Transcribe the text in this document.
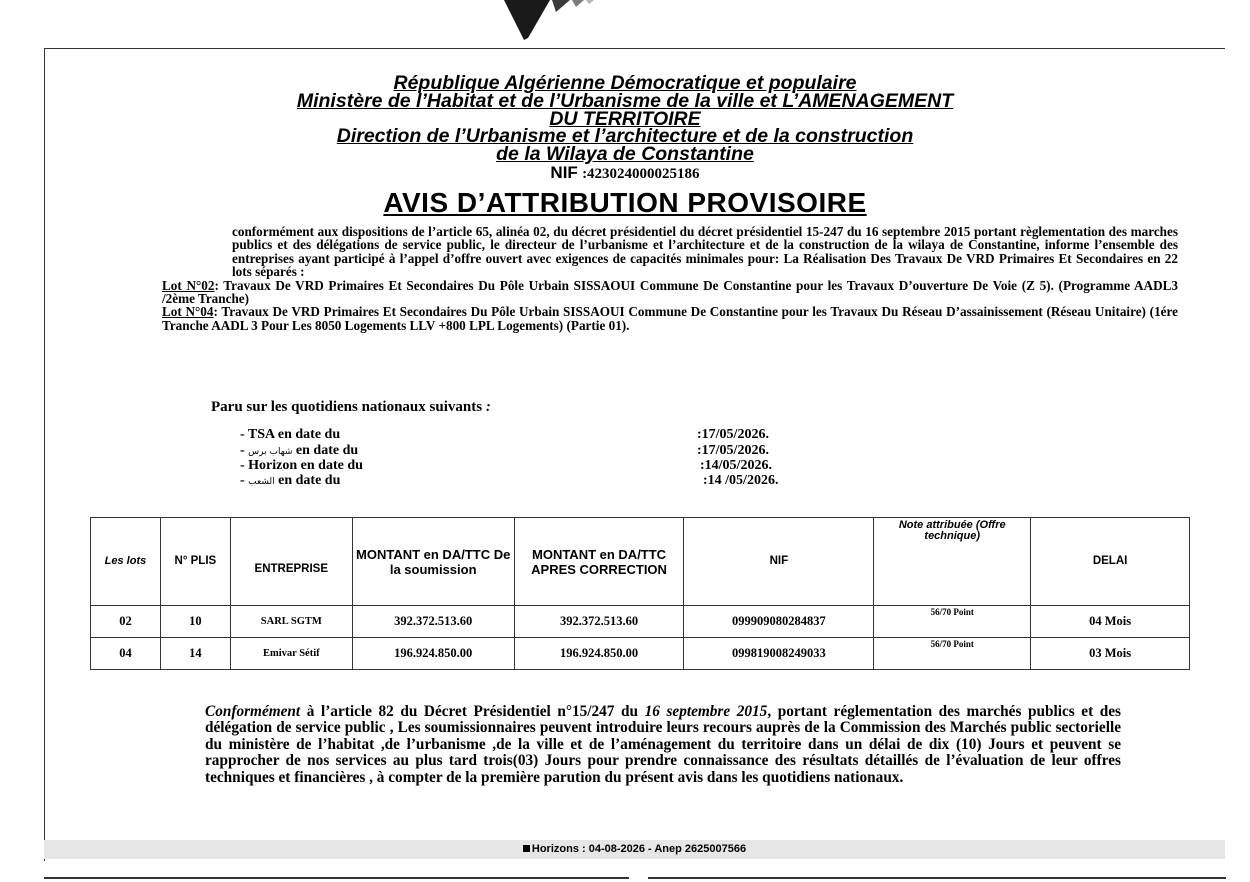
République Algérienne Démocratique et populaire
Ministère de l’Habitat et de l’Urbanisme de la ville et L’AMENAGEMENT
DU TERRITOIRE
Direction de l’Urbanisme et l’architecture et de la construction
de la Wilaya de Constantine
NIF :423024000025186
AVIS D’ATTRIBUTION PROVISOIRE

conformément aux dispositions de l’article 65, alinéa 02, du décret présidentiel du décret présidentiel 15-247 du 16 septembre 2015 portant règlementation des marches publics et des délégations de service public, le directeur de l’urbanisme et l’architecture et de la construction de la wilaya de Constantine, informe l’ensemble des entreprises ayant participé à l’appel d’offre ouvert avec exigences de capacités minimales pour: La Réalisation Des Travaux De VRD Primaires Et Secondaires en 22 lots séparés :

Lot N°02: Travaux De VRD Primaires Et Secondaires Du Pôle Urbain SISSAOUI Commune De Constantine pour les Travaux D’ouverture De Voie (Z 5). (Programme AADL3 /2ème Tranche)

Lot N°04: Travaux De VRD Primaires Et Secondaires Du Pôle Urbain SISSAOUI Commune De Constantine pour les Travaux Du Réseau D’assainissement (Réseau Unitaire) (1ére Tranche AADL 3 Pour Les 8050 Logements LLV +800 LPL Logements) (Partie 01).

Paru sur les quotidiens nationaux suivants :
- TSA en date du	:17/05/2026.
- شهاب برس en date du	:17/05/2026.
- Horizon en date du	:14/05/2026.
- الشعب en date du	:14 /05/2026.
Les lots	N° PLIS	ENTREPRISE	MONTANT en DA/TTC De la soumission	MONTANT en DA/TTC APRES CORRECTION	NIF	Note attribuée (Offre technique)	DELAI
02	10	SARL SGTM	392.372.513.60	392.372.513.60	099909080284837	56/70 Point	04 Mois
04	14	Emivar Sétif	196.924.850.00	196.924.850.00	099819008249033	56/70 Point	03 Mois

Conformément à l’article 82 du Décret Présidentiel n°15/247 du 16 septembre 2015, portant réglementation des marchés publics et des délégation de service public , Les soumissionnaires peuvent introduire leurs recours auprès de la Commission des Marchés public sectorielle du ministère de l’habitat ,de l’urbanisme ,de la ville et de l’aménagement du territoire dans un délai de dix (10) Jours et peuvent se rapprocher de nos services au plus tard trois(03) Jours pour prendre connaissance des résultats détaillés de l’évaluation de leur offres techniques et financières , à compter de la première parution du présent avis dans les quotidiens nationaux.

Horizons : 04-08-2026 - Anep 2625007566
